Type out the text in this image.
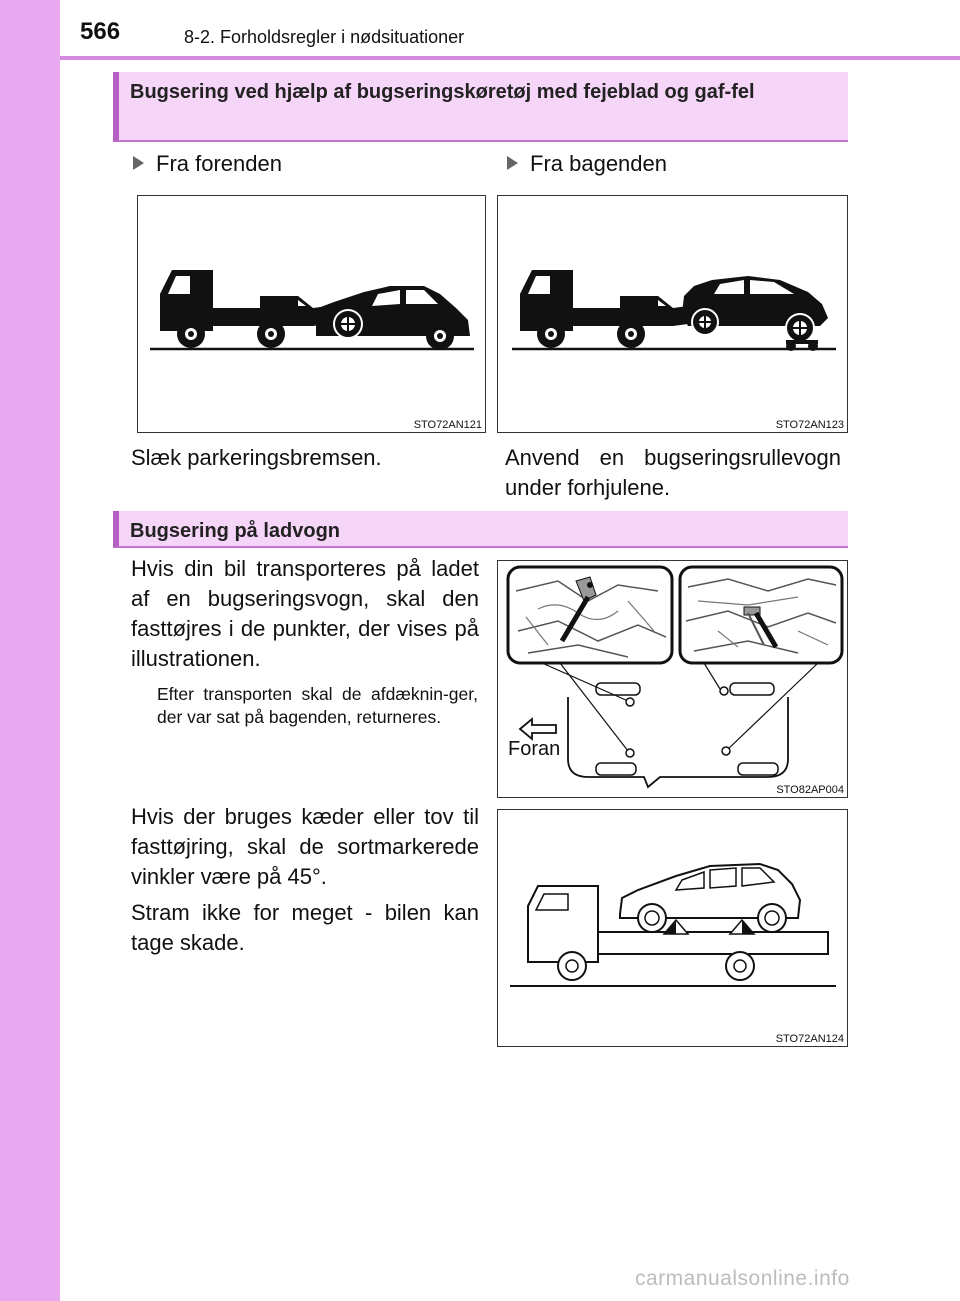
566	8-2. Forholdsregler i nødsituationer
Bugsering ved hjælp af bugseringskøretøj med fejeblad og gaf-fel
Fra forenden	Fra bagenden
STO72AN121	STO72AN123
Slæk parkeringsbremsen.	Anvend en bugseringsrullevogn under forhjulene.
Bugsering på ladvogn
Hvis din bil transporteres på ladet af en bugseringsvogn, skal den fasttøjres i de punkter, der vises på illustrationen.
Efter transporten skal de afdæknin-ger, der var sat på bagenden, returneres.
Hvis der bruges kæder eller tov til fasttøjring, skal de sortmarkerede vinkler være på 45°.
Stram ikke for meget - bilen kan tage skade.
STO82AP004
Foran
STO72AN124
carmanualsonline.info
